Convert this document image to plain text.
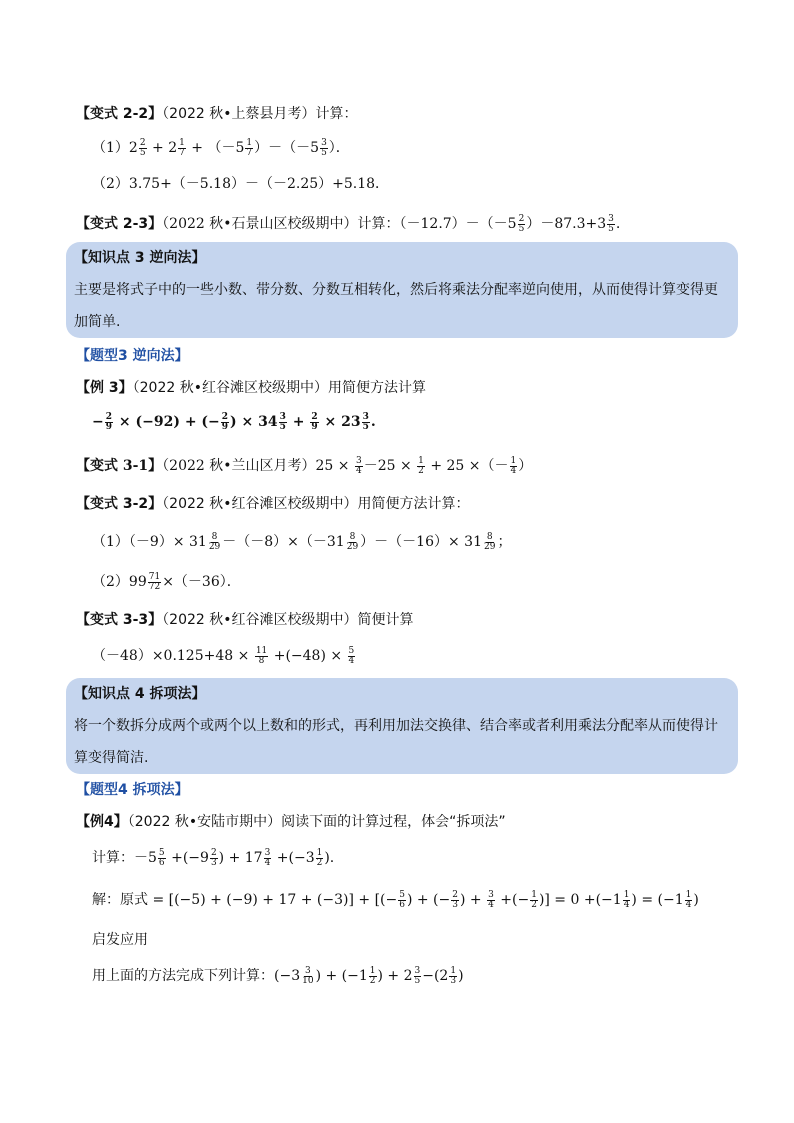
【变式 2-2】（2022 秋•上蔡县月考）计算：
$(1)2 \frac{2}{5} + 2 \frac{1}{7} + (-5 \frac{1}{7} )-(-5 \frac{3}{5}$ ）．
（2）3.75+（－5.18）－（－2.25）+5.18．
【变式 2-3】（2022 秋•石景山区校级期中）计算：$(-12.7)-(-5 \frac{2}{5} )-87.3+3 \frac{3}{5}$ .
【知识点 3 逆向法】
主要是将式子中的一些小数、带分数、分数互相转化，然后将乘法分配率逆向使用，从而使得计算变得更加简单.
【题型3 逆向法】
【例 3】（2022 秋•红谷滩区校级期中）用简便方法计算
− $\frac{2}{9} \times (-92)$ + (− $\frac{2}{9}$ ) × $34 \frac{3}{5} + \frac{2}{9} \times 23 \frac{3}{5}$ .
【变式 3-1】（2022 秋•兰山区月考）$25 \times \frac{3}{4} -25 \times \frac{1}{2} + 25$ ×（－ $\frac{1}{4}$ ）
【变式 3-2】（2022 秋•红谷滩区校级期中）用简便方法计算：
$(1)(-9)\times 31 \frac{8}{29} -(-8)\times(-31 \frac{8}{29} )-(-16)\times 31 \frac{8}{29}$ ；
$(2)99 \frac{71}{72} \times(-36)$．
【变式 3-3】（2022 秋•红谷滩区校级期中）简便计算
$(-48)\times 0.125+48 \times \frac{11}{8} +(-48) \times \frac{5}{4}$
【知识点 4 拆项法】
将一个数拆分成两个或两个以上数和的形式，再利用加法交换律、结合率或者利用乘法分配率从而使得计算变得简洁.
【题型4 拆项法】
【例4】（2022 秋•安陆市期中）阅读下面的计算过程，体会“拆项法”
计算：$-5 \frac{5}{6} +(-9 \frac{2}{3}$ ) + $17 \frac{3}{4} +(-3 \frac{1}{2}$ ).
解：原式 = [(−5) + (−9) + 17 + (−3)] + [(− $\frac{5}{6}$ ) + (− $\frac{2}{3}$ ) + $\frac{3}{4}$ +(− $\frac{1}{2}$ )] = $0 +(-1 \frac{1}{4}$ ) = ($-1 \frac{1}{4}$ )
启发应用
用上面的方法完成下列计算：($-3 \frac{3}{10}$ ) + ($-1 \frac{1}{2}$ ) + $2 \frac{3}{5} -(2 \frac{1}{3}$ )
